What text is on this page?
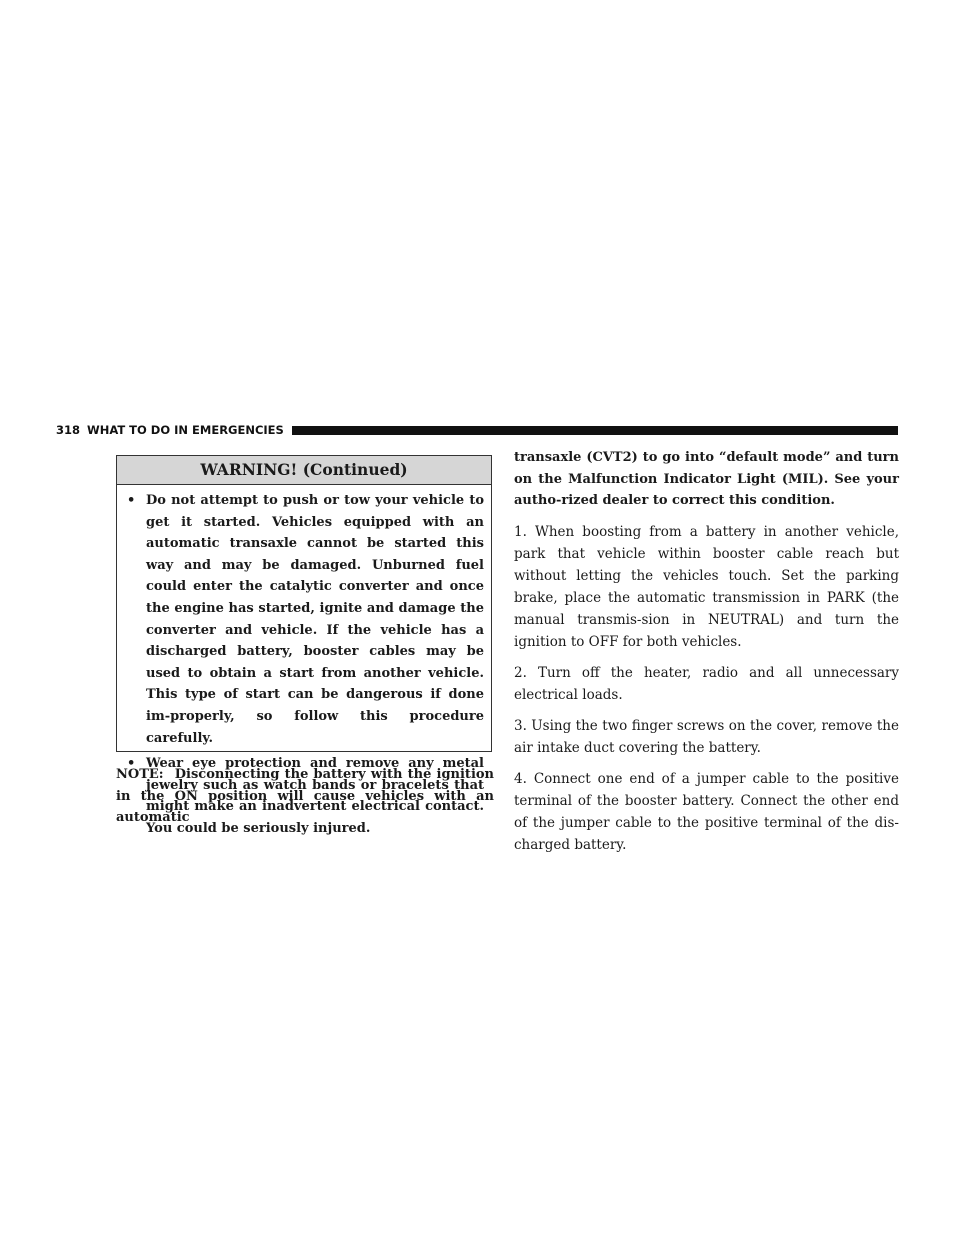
318 WHAT TO DO IN EMERGENCIES
WARNING! (Continued)
• Do not attempt to push or tow your vehicle to get it started. Vehicles equipped with an automatic transaxle cannot be started this way and may be damaged. Unburned fuel could enter the catalytic converter and once the engine has started, ignite and damage the converter and vehicle. If the vehicle has a discharged battery, booster cables may be used to obtain a start from another vehicle. This type of start can be dangerous if done im-properly, so follow this procedure carefully.
• Wear eye protection and remove any metal jewelry such as watch bands or bracelets that might make an inadvertent electrical contact. You could be seriously injured.
NOTE: Disconnecting the battery with the ignition in the ON position will cause vehicles with an automatic

transaxle (CVT2) to go into “default mode” and turn on the Malfunction Indicator Light (MIL). See your autho-rized dealer to correct this condition.

1. When boosting from a battery in another vehicle, park that vehicle within booster cable reach but without letting the vehicles touch. Set the parking brake, place the automatic transmission in PARK (the manual transmis-sion in NEUTRAL) and turn the ignition to OFF for both vehicles.

2. Turn off the heater, radio and all unnecessary electrical loads.

3. Using the two finger screws on the cover, remove the air intake duct covering the battery.

4. Connect one end of a jumper cable to the positive terminal of the booster battery. Connect the other end of the jumper cable to the positive terminal of the dis-charged battery.
